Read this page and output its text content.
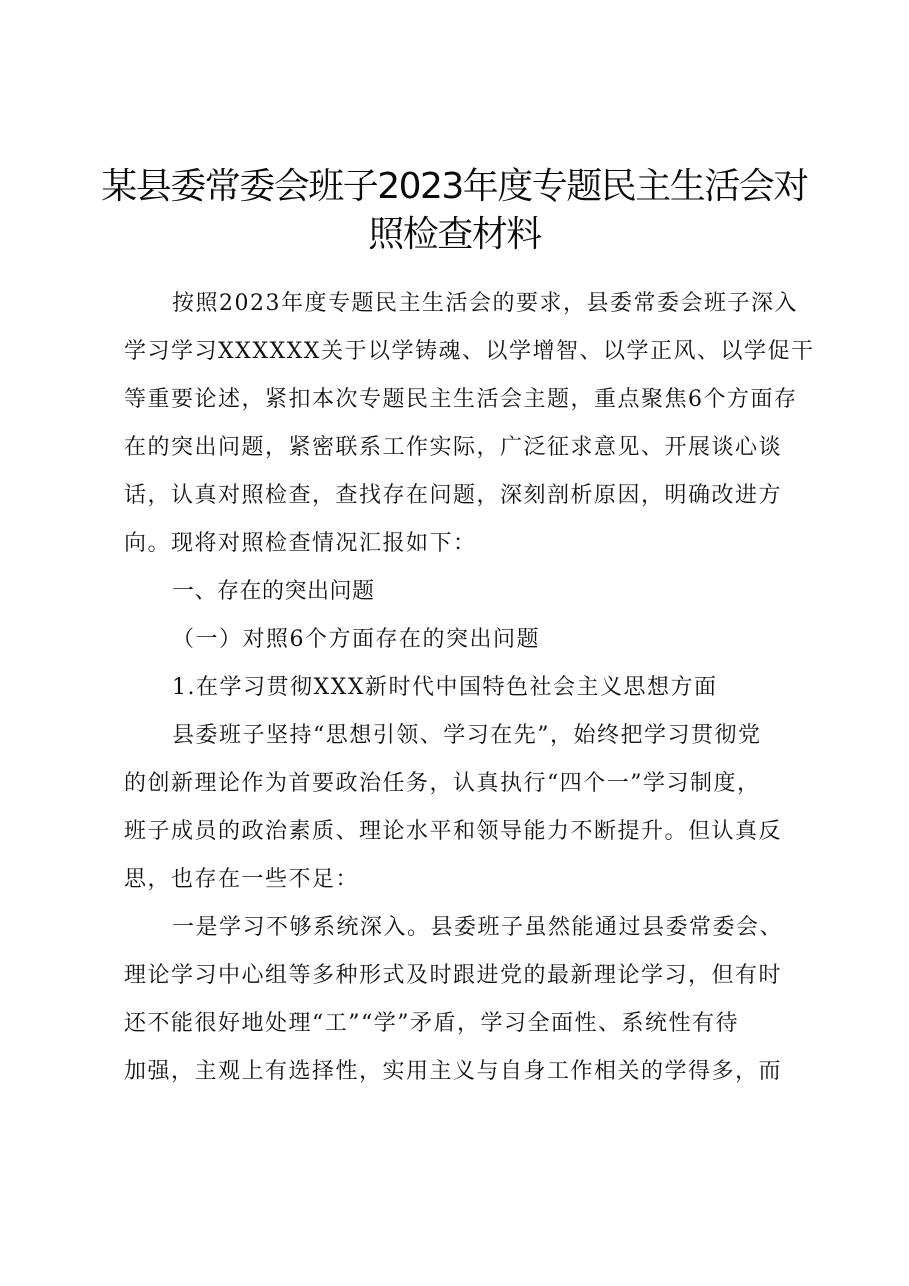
某县委常委会班子2023年度专题民主生活会对
照检查材料
按照2023年度专题民主生活会的要求，县委常委会班子深入
学习学习XXXXXX关于以学铸魂、以学增智、以学正风、以学促干
等重要论述，紧扣本次专题民主生活会主题，重点聚焦6个方面存
在的突出问题，紧密联系工作实际，广泛征求意见、开展谈心谈
话，认真对照检查，查找存在问题，深刻剖析原因，明确改进方
向。现将对照检查情况汇报如下：
一、存在的突出问题
（一）对照6个方面存在的突出问题
1.在学习贯彻XXX新时代中国特色社会主义思想方面
县委班子坚持“思想引领、学习在先”，始终把学习贯彻党
的创新理论作为首要政治任务，认真执行“四个一”学习制度，
班子成员的政治素质、理论水平和领导能力不断提升。但认真反
思，也存在一些不足：
一是学习不够系统深入。县委班子虽然能通过县委常委会、
理论学习中心组等多种形式及时跟进党的最新理论学习，但有时
还不能很好地处理“工”“学”矛盾，学习全面性、系统性有待
加强，主观上有选择性，实用主义与自身工作相关的学得多，而
